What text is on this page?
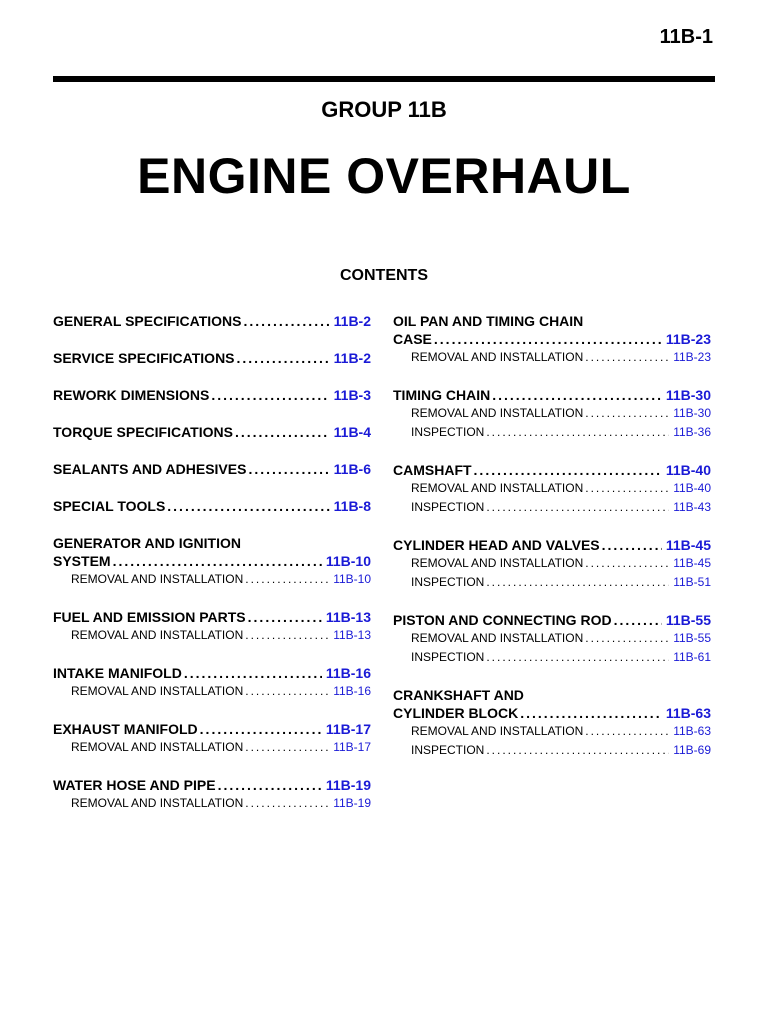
11B-1
GROUP 11B
ENGINE OVERHAUL
CONTENTS
GENERAL SPECIFICATIONS .....	11B-2
SERVICE SPECIFICATIONS .....	11B-2
REWORK DIMENSIONS .....	11B-3
TORQUE SPECIFICATIONS .....	11B-4
SEALANTS AND ADHESIVES .....	11B-6
SPECIAL TOOLS .....	11B-8
GENERATOR AND IGNITION
SYSTEM .....	11B-10
REMOVAL AND INSTALLATION .....	11B-10
FUEL AND EMISSION PARTS .....	11B-13
REMOVAL AND INSTALLATION .....	11B-13
INTAKE MANIFOLD .....	11B-16
REMOVAL AND INSTALLATION .....	11B-16
EXHAUST MANIFOLD .....	11B-17
REMOVAL AND INSTALLATION .....	11B-17
WATER HOSE AND PIPE .....	11B-19
REMOVAL AND INSTALLATION .....	11B-19
OIL PAN AND TIMING CHAIN
CASE .....	11B-23
REMOVAL AND INSTALLATION .....	11B-23
TIMING CHAIN .....	11B-30
REMOVAL AND INSTALLATION .....	11B-30
INSPECTION .....	11B-36
CAMSHAFT .....	11B-40
REMOVAL AND INSTALLATION .....	11B-40
INSPECTION .....	11B-43
CYLINDER HEAD AND VALVES .....	11B-45
REMOVAL AND INSTALLATION .....	11B-45
INSPECTION .....	11B-51
PISTON AND CONNECTING ROD .....	11B-55
REMOVAL AND INSTALLATION .....	11B-55
INSPECTION .....	11B-61
CRANKSHAFT AND
CYLINDER BLOCK .....	11B-63
REMOVAL AND INSTALLATION .....	11B-63
INSPECTION .....	11B-69
